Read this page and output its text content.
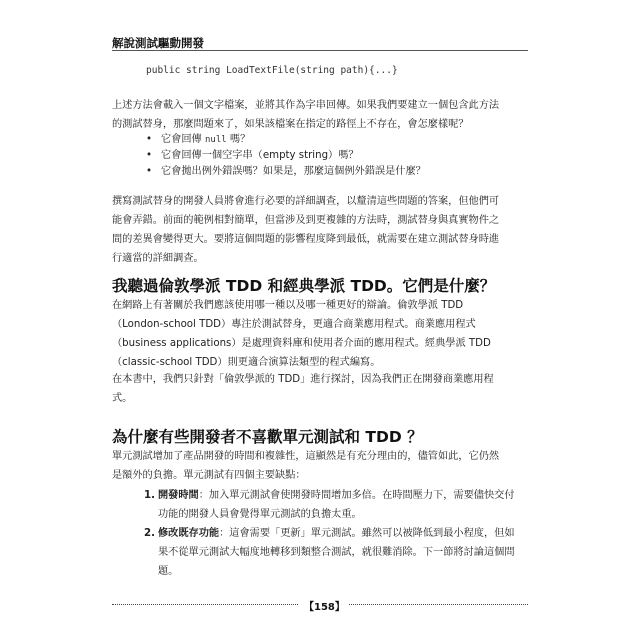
解說測試驅動開發
public string LoadTextFile(string path){...}
上述方法會載入一個文字檔案，並將其作為字串回傳。如果我們要建立一個包含此方法
的測試替身，那麼問題來了，如果該檔案在指定的路徑上不存在，會怎麼樣呢？
• 它會回傳 null 嗎？
• 它會回傳一個空字串（empty string）嗎？
• 它會拋出例外錯誤嗎？如果是，那麼這個例外錯誤是什麼？
撰寫測試替身的開發人員將會進行必要的詳細調查，以釐清這些問題的答案，但他們可
能會弄錯。前面的範例相對簡單，但當涉及到更複雜的方法時，測試替身與真實物件之
間的差異會變得更大。要將這個問題的影響程度降到最低，就需要在建立測試替身時進
行適當的詳細調查。
我聽過倫敦學派 TDD 和經典學派 TDD。它們是什麼？
在網路上有著關於我們應該使用哪一種以及哪一種更好的辯論。倫敦學派 TDD
（London-school TDD）專注於測試替身，更適合商業應用程式。商業應用程式
（business applications）是處理資料庫和使用者介面的應用程式。經典學派 TDD
（classic-school TDD）則更適合演算法類型的程式編寫。
在本書中，我們只針對「倫敦學派的 TDD」進行探討，因為我們正在開發商業應用程
式。
為什麼有些開發者不喜歡單元測試和 TDD ？
單元測試增加了產品開發的時間和複雜性，這顯然是有充分理由的，儘管如此，它仍然
是額外的負擔。單元測試有四個主要缺點：
1. 開發時間：加入單元測試會使開發時間增加多倍。在時間壓力下，需要儘快交付
功能的開發人員會覺得單元測試的負擔太重。
2. 修改既存功能：這會需要「更新」單元測試。雖然可以被降低到最小程度，但如
果不從單元測試大幅度地轉移到類整合測試，就很難消除。下一節將討論這個問
題。
【158】
